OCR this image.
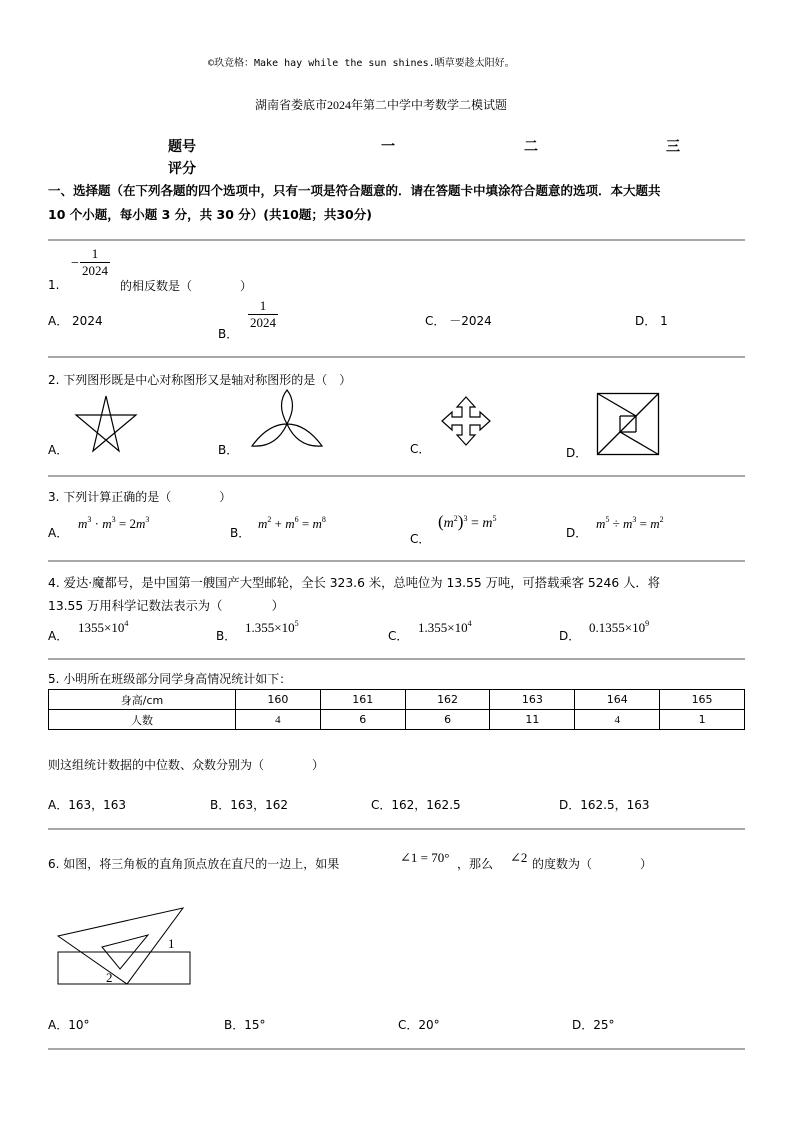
©玖竞格：Make hay while the sun shines.晒草要趁太阳好。
湖南省娄底市2024年第二中学中考数学二模试题
题号	一	二	三
评分
一、选择题（在下列各题的四个选项中，只有一项是符合题意的．请在答题卡中填涂符合题意的选项．本大题共
10 个小题，每小题 3 分，共 30 分）(共10题；共30分)
1.
− $\frac{1}{2024}$
的相反数是（　　　　）
A． 2024
B．
$\frac{1}{2024}$	C． －2024	D． 1
2. 下列图形既是中心对称图形又是轴对称图形的是（　）
A．	B．	C．	D．
3. 下列计算正确的是（　　　　）
A．
$m^3 \cdot m^3 = 2m^3$
B．
$m^2 + m^6 = m^8$
C．
$(m^2)^3 = m^5$
D．
$m^5 \div m^3 = m^2$
4. 爱达·魔都号，是中国第一艘国产大型邮轮，全长 323.6 米，总吨位为 13.55 万吨，可搭载乘客 5246 人．将
13.55 万用科学记数法表示为（　　　　）
A．
$1355\times 10^4$
B．
$1.355\times 10^5$
C．
$1.355\times 10^4$
D．
$0.1355\times 10^9$
5. 小明所在班级部分同学身高情况统计如下：
身高/cm	160	161	162	163	164	165
人数	4	6	6	11	4	1
则这组统计数据的中位数、众数分别为（　　　　）
A．163，163	B．163，162	C．162，162.5	D．162.5，163
6. 如图，将三角板的直角顶点放在直尺的一边上，如果	∠1 = 70° ，那么 ∠2 的度数为（　　　　）
1
2
A．10°	B．15°	C．20°	D．25°
